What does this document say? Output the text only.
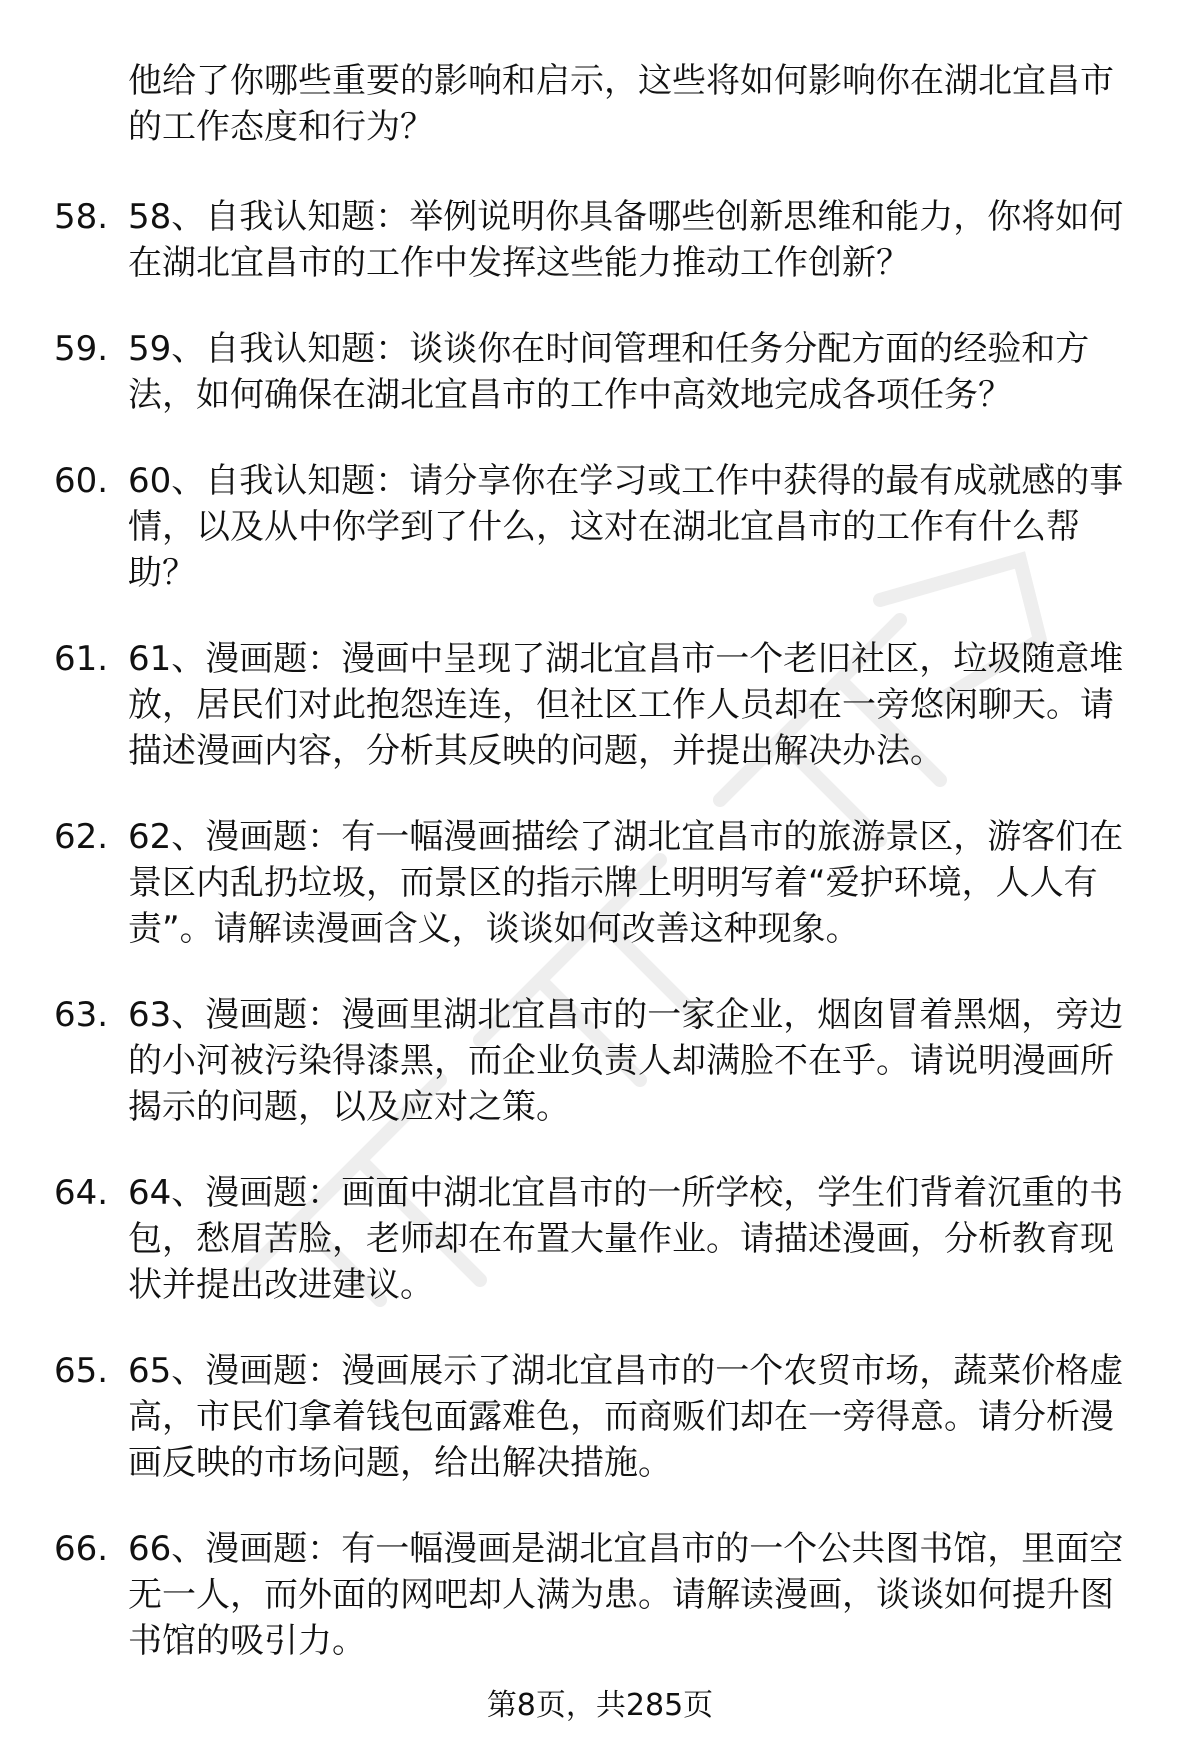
他给了你哪些重要的影响和启示，这些将如何影响你在湖北宜昌市的工作态度和行为？
58. 58、自我认知题：举例说明你具备哪些创新思维和能力，你将如何在湖北宜昌市的工作中发挥这些能力推动工作创新？
59. 59、自我认知题：谈谈你在时间管理和任务分配方面的经验和方法，如何确保在湖北宜昌市的工作中高效地完成各项任务？
60. 60、自我认知题：请分享你在学习或工作中获得的最有成就感的事情，以及从中你学到了什么，这对在湖北宜昌市的工作有什么帮助？
61. 61、漫画题：漫画中呈现了湖北宜昌市一个老旧社区，垃圾随意堆放，居民们对此抱怨连连，但社区工作人员却在一旁悠闲聊天。请描述漫画内容，分析其反映的问题，并提出解决办法。
62. 62、漫画题：有一幅漫画描绘了湖北宜昌市的旅游景区，游客们在景区内乱扔垃圾，而景区的指示牌上明明写着“爱护环境，人人有责”。请解读漫画含义，谈谈如何改善这种现象。
63. 63、漫画题：漫画里湖北宜昌市的一家企业，烟囱冒着黑烟，旁边的小河被污染得漆黑，而企业负责人却满脸不在乎。请说明漫画所揭示的问题，以及应对之策。
64. 64、漫画题：画面中湖北宜昌市的一所学校，学生们背着沉重的书包，愁眉苦脸，老师却在布置大量作业。请描述漫画，分析教育现状并提出改进建议。
65. 65、漫画题：漫画展示了湖北宜昌市的一个农贸市场，蔬菜价格虚高，市民们拿着钱包面露难色，而商贩们却在一旁得意。请分析漫画反映的市场问题，给出解决措施。
66. 66、漫画题：有一幅漫画是湖北宜昌市的一个公共图书馆，里面空无一人，而外面的网吧却人满为患。请解读漫画，谈谈如何提升图书馆的吸引力。
第8页，共285页
